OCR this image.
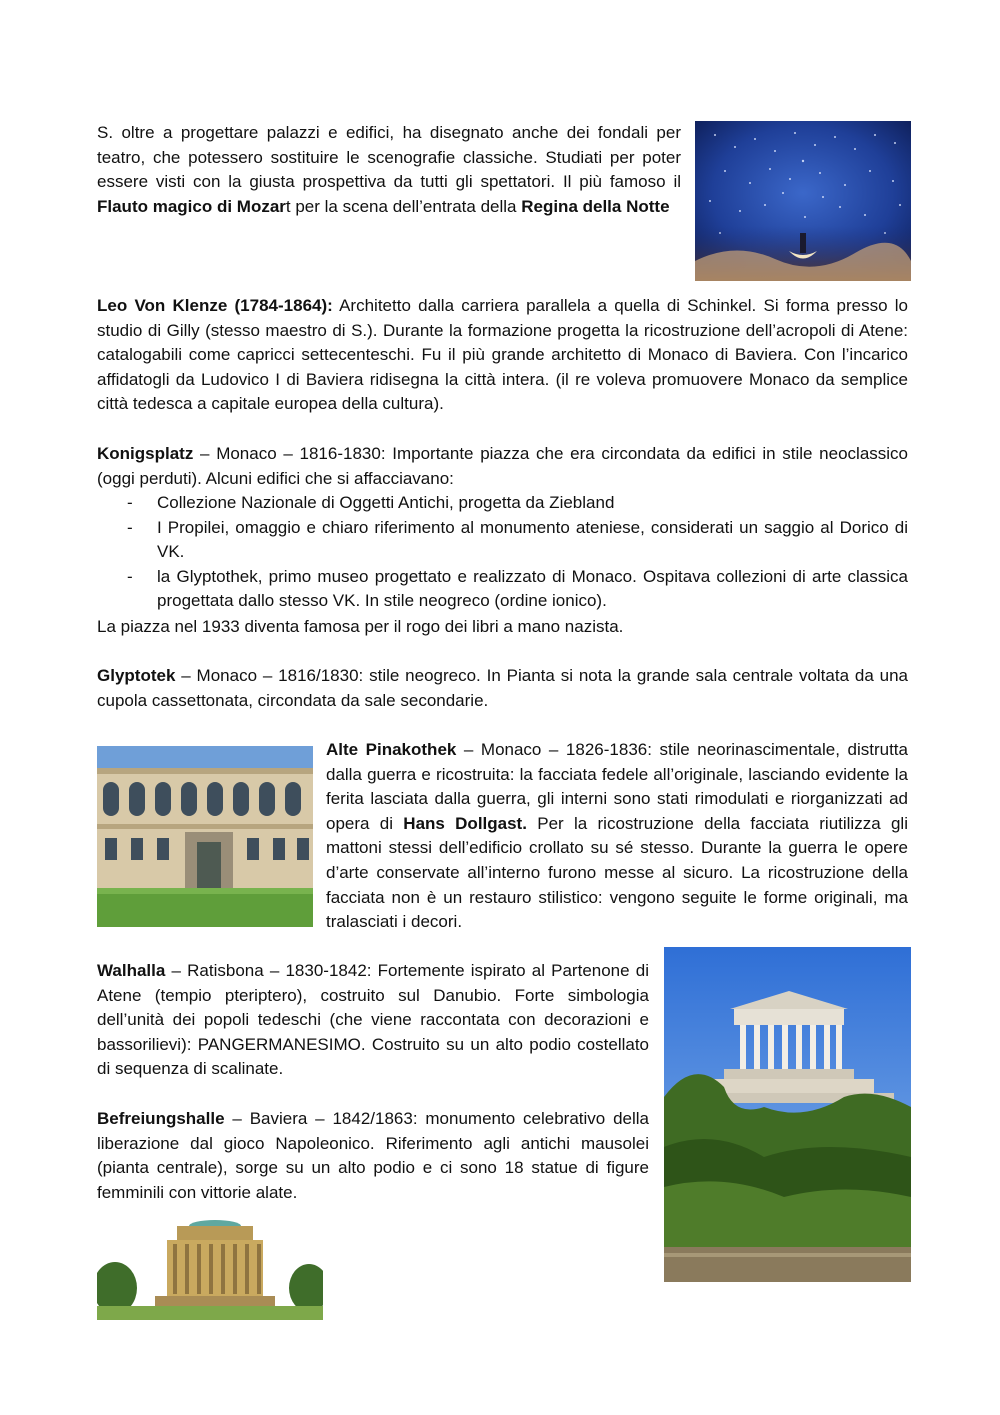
S. oltre a progettare palazzi e edifici, ha disegnato anche dei fondali per teatro, che potessero sostituire le scenografie classiche. Studiati per poter essere visti con la giusta prospettiva da tutti gli spettatori. Il più famoso il Flauto magico di Mozart per la scena dell’entrata della Regina della Notte

Leo Von Klenze (1784-1864): Architetto dalla carriera parallela a quella di Schinkel. Si forma presso lo studio di Gilly (stesso maestro di S.). Durante la formazione progetta la ricostruzione dell’acropoli di Atene: catalogabili come capricci settecenteschi. Fu il più grande architetto di Monaco di Baviera. Con l’incarico affidatogli da Ludovico I di Baviera ridisegna la città intera. (il re voleva promuovere Monaco da semplice città tedesca a capitale europea della cultura).

Konigsplatz – Monaco – 1816-1830: Importante piazza che era circondata da edifici in stile neoclassico (oggi perduti). Alcuni edifici che si affacciavano:

- Collezione Nazionale di Oggetti Antichi, progetta da Ziebland
- I Propilei, omaggio e chiaro riferimento al monumento ateniese, considerati un saggio al Dorico di VK.
- la Glyptothek, primo museo progettato e realizzato di Monaco. Ospitava collezioni di arte classica progettata dallo stesso VK. In stile neogreco (ordine ionico).

La piazza nel 1933 diventa famosa per il rogo dei libri a mano nazista.

Glyptotek – Monaco – 1816/1830: stile neogreco. In Pianta si nota la grande sala centrale voltata da una cupola cassettonata, circondata da sale secondarie.

Alte Pinakothek – Monaco – 1826-1836: stile neorinascimentale, distrutta dalla guerra e ricostruita: la facciata fedele all’originale, lasciando evidente la ferita lasciata dalla guerra, gli interni sono stati rimodulati e riorganizzati ad opera di Hans Dollgast. Per la ricostruzione della facciata riutilizza gli mattoni stessi dell’edificio crollato su sé stesso. Durante la guerra le opere d’arte conservate all’interno furono messe al sicuro. La ricostruzione della facciata non è un restauro stilistico: vengono seguite le forme originali, ma tralasciati i decori.

Walhalla – Ratisbona – 1830-1842: Fortemente ispirato al Partenone di Atene (tempio pteriptero), costruito sul Danubio. Forte simbologia dell’unità dei popoli tedeschi (che viene raccontata con decorazioni e bassorilievi): PANGERMANESIMO. Costruito su un alto podio costellato di sequenza di scalinate.

Befreiungshalle – Baviera – 1842/1863: monumento celebrativo della liberazione dal gioco Napoleonico. Riferimento agli antichi mausolei (pianta centrale), sorge su un alto podio e ci sono 18 statue di figure femminili con vittorie alate.
